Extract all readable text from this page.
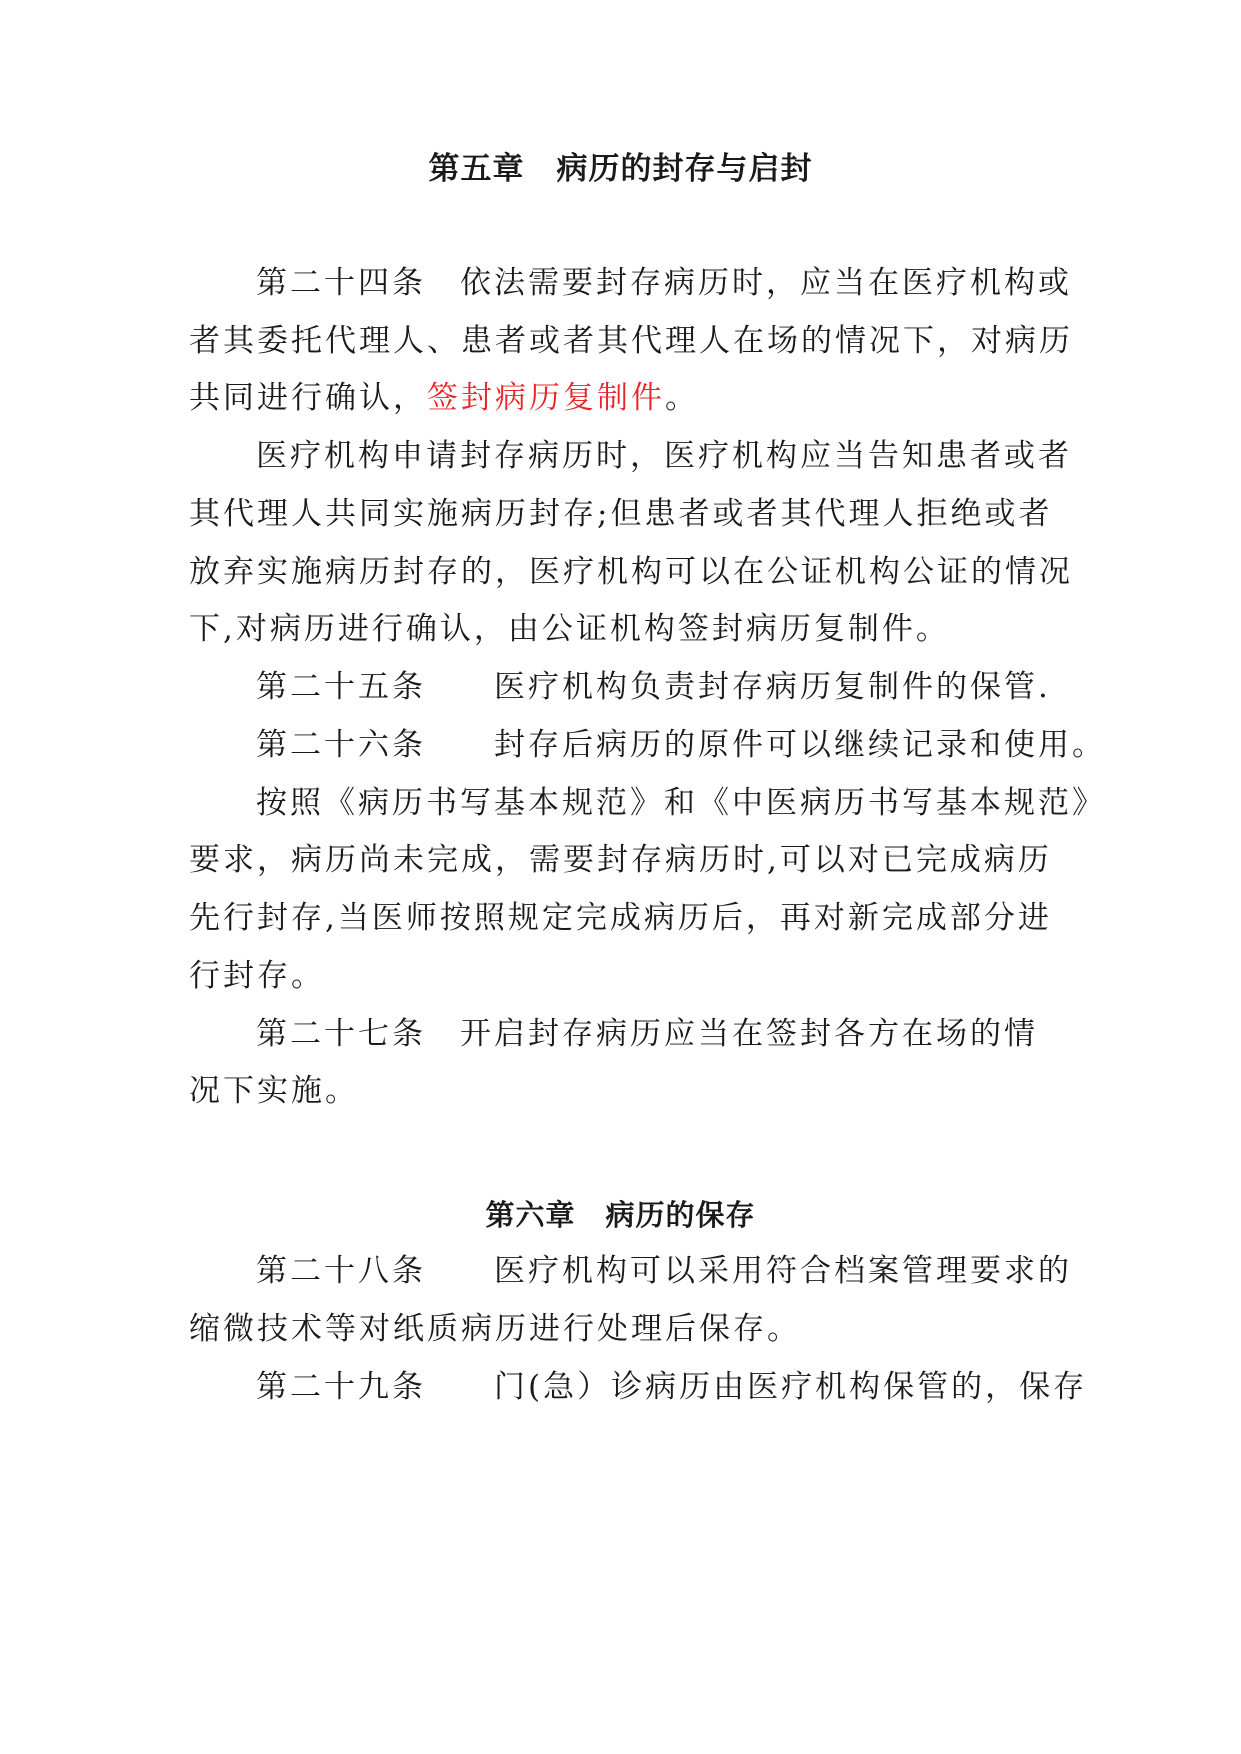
第五章　病历的封存与启封

第二十四条　依法需要封存病历时，应当在医疗机构或

者其委托代理人、患者或者其代理人在场的情况下，对病历

共同进行确认，签封病历复制件。

医疗机构申请封存病历时，医疗机构应当告知患者或者

其代理人共同实施病历封存;但患者或者其代理人拒绝或者

放弃实施病历封存的，医疗机构可以在公证机构公证的情况

下,对病历进行确认，由公证机构签封病历复制件。

第二十五条　　医疗机构负责封存病历复制件的保管.

第二十六条　　封存后病历的原件可以继续记录和使用。

按照《病历书写基本规范》和《中医病历书写基本规范》

要求，病历尚未完成，需要封存病历时,可以对已完成病历

先行封存,当医师按照规定完成病历后，再对新完成部分进

行封存。

第二十七条　开启封存病历应当在签封各方在场的情

况下实施。

第六章　病历的保存

第二十八条　　医疗机构可以采用符合档案管理要求的

缩微技术等对纸质病历进行处理后保存。

第二十九条　　门(急）诊病历由医疗机构保管的，保存
